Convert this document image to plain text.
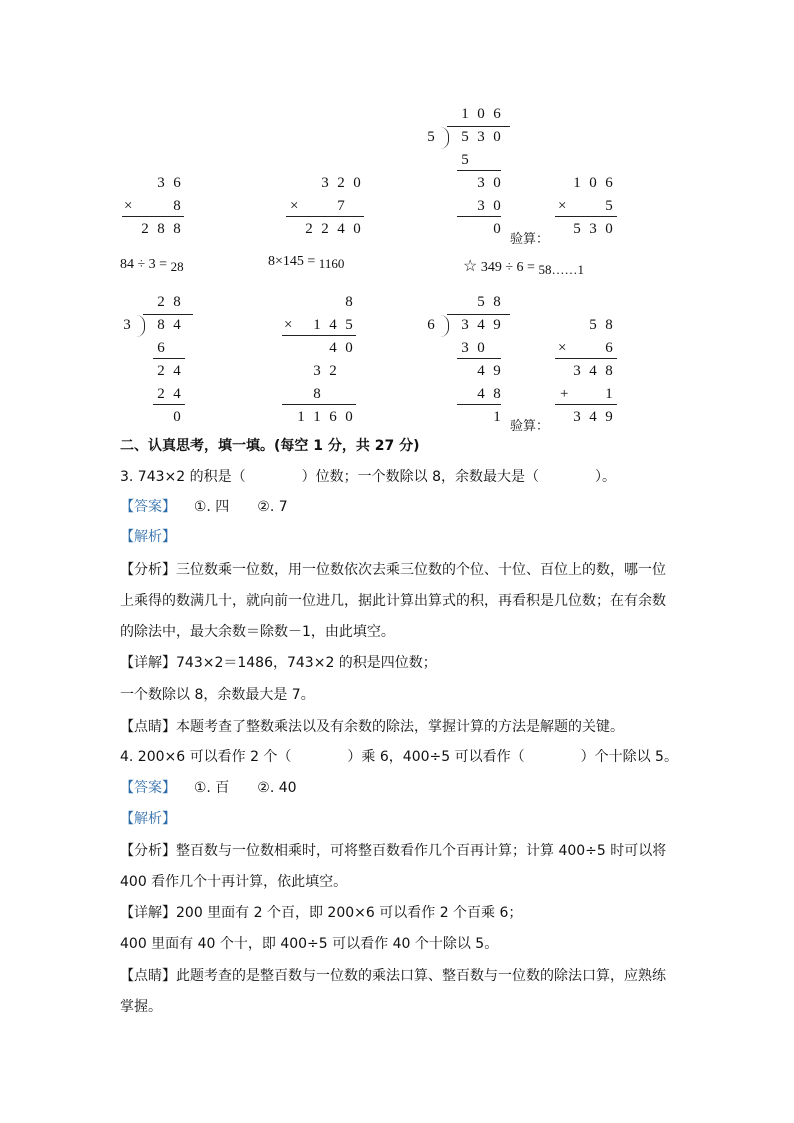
1 0 6
5 5 3 0
5
3 0
3 0
0
3 6
×	8
2 8 8
3 2 0
×	7
2 2 4 0
验算：
1 0 6
×	5
5 3 0
84 ÷ 3 = 28	8×145 = 1160	☆ 349 ÷ 6 = 58……1
2 8
3 8 4
6
2 4
2 4
0
8
× 1 4 5
4 0
3 2
8
1 1 6 0
5 8
6 3 4 9
3 0
4 9
4 8
1
验算：
5 8
×	6
3 4 8
+ 1
3 4 9
二、认真思考，填一填。(每空 1 分，共 27 分)
3. 743×2 的积是（　　　　）位数；一个数除以 8，余数最大是（　　　　）。
【答案】 ①. 四　　②. 7
【解析】
【分析】三位数乘一位数，用一位数依次去乘三位数的个位、十位、百位上的数，哪一位
上乘得的数满几十，就向前一位进几，据此计算出算式的积，再看积是几位数；在有余数
的除法中，最大余数＝除数－1，由此填空。
【详解】743×2＝1486，743×2 的积是四位数；
一个数除以 8，余数最大是 7。
【点睛】本题考查了整数乘法以及有余数的除法，掌握计算的方法是解题的关键。
4. 200×6 可以看作 2 个（　　　　）乘 6，400÷5 可以看作（　　　　）个十除以 5。
【答案】 ①. 百　　②. 40
【解析】
【分析】整百数与一位数相乘时，可将整百数看作几个百再计算；计算 400÷5 时可以将
400 看作几个十再计算，依此填空。
【详解】200 里面有 2 个百，即 200×6 可以看作 2 个百乘 6；
400 里面有 40 个十，即 400÷5 可以看作 40 个十除以 5。
【点睛】此题考查的是整百数与一位数的乘法口算、整百数与一位数的除法口算，应熟练
掌握。
